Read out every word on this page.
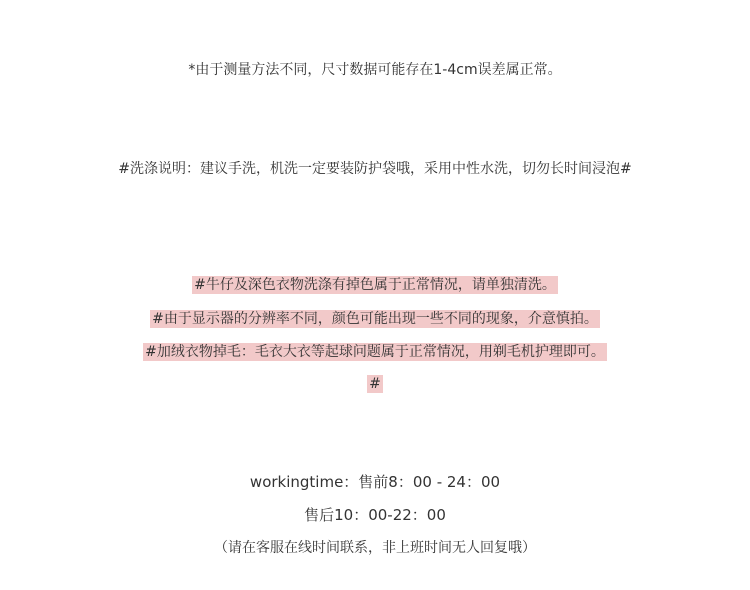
*由于测量方法不同，尺寸数据可能存在1-4cm误差属正常。
#洗涤说明：建议手洗，机洗一定要装防护袋哦，采用中性水洗，切勿长时间浸泡#
#牛仔及深色衣物洗涤有掉色属于正常情况，请单独清洗。
#由于显示器的分辨率不同，颜色可能出现一些不同的现象，介意慎拍。
#加绒衣物掉毛：毛衣大衣等起球问题属于正常情况，用剃毛机护理即可。
#
workingtime：售前8：00 - 24：00
售后10：00-22：00
（请在客服在线时间联系，非上班时间无人回复哦）
